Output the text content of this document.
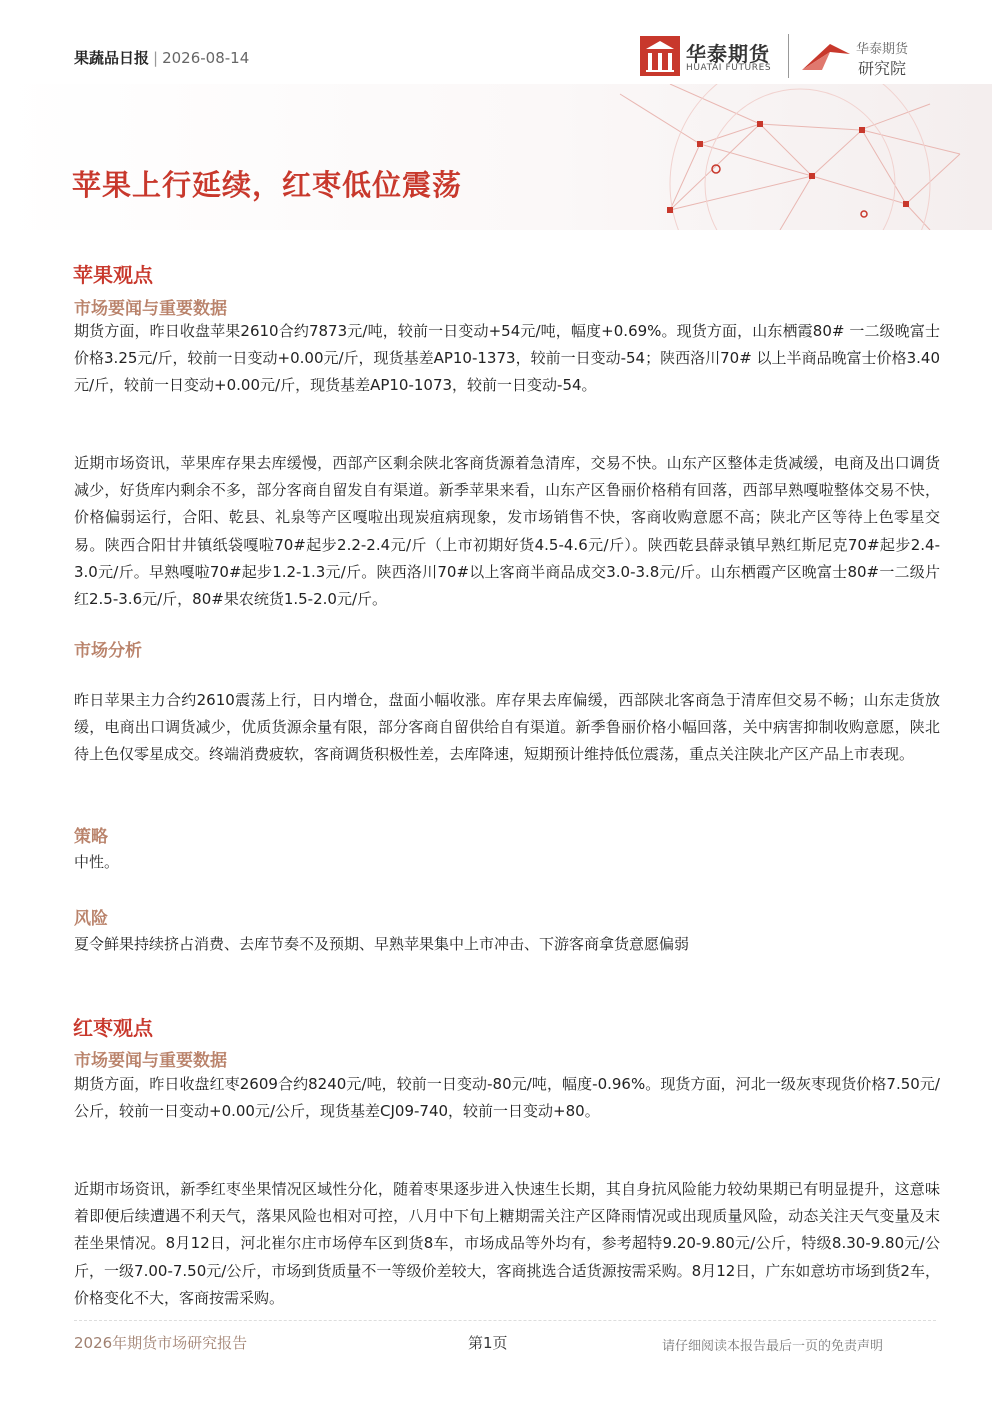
果蔬品日报 | 2026-08-14	华泰期货
HUATAI FUTURES
华泰期货
研究院
苹果上行延续，红枣低位震荡
苹果观点
市场要闻与重要数据
期货方面，昨日收盘苹果2610合约7873元/吨，较前一日变动+54元/吨，幅度+0.69%。现货方面，山东栖霞80# 一二级晚富士价格3.25元/斤，较前一日变动+0.00元/斤，现货基差AP10-1373，较前一日变动-54；陕西洛川70# 以上半商品晚富士价格3.40元/斤，较前一日变动+0.00元/斤，现货基差AP10-1073，较前一日变动-54。
近期市场资讯，苹果库存果去库缓慢，西部产区剩余陕北客商货源着急清库，交易不快。山东产区整体走货减缓，电商及出口调货减少，好货库内剩余不多，部分客商自留发自有渠道。新季苹果来看，山东产区鲁丽价格稍有回落，西部早熟嘎啦整体交易不快，价格偏弱运行，合阳、乾县、礼泉等产区嘎啦出现炭疽病现象，发市场销售不快，客商收购意愿不高；陕北产区等待上色零星交易。陕西合阳甘井镇纸袋嘎啦70#起步2.2-2.4元/斤（上市初期好货4.5-4.6元/斤）。陕西乾县薛录镇早熟红斯尼克70#起步2.4-3.0元/斤。早熟嘎啦70#起步1.2-1.3元/斤。陕西洛川70#以上客商半商品成交3.0-3.8元/斤。山东栖霞产区晚富士80#一二级片红2.5-3.6元/斤，80#果农统货1.5-2.0元/斤。
市场分析
昨日苹果主力合约2610震荡上行，日内增仓，盘面小幅收涨。库存果去库偏缓，西部陕北客商急于清库但交易不畅；山东走货放缓，电商出口调货减少，优质货源余量有限，部分客商自留供给自有渠道。新季鲁丽价格小幅回落，关中病害抑制收购意愿，陕北待上色仅零星成交。终端消费疲软，客商调货积极性差，去库降速，短期预计维持低位震荡，重点关注陕北产区产品上市表现。
策略
中性。
风险
夏令鲜果持续挤占消费、去库节奏不及预期、早熟苹果集中上市冲击、下游客商拿货意愿偏弱
红枣观点
市场要闻与重要数据
期货方面，昨日收盘红枣2609合约8240元/吨，较前一日变动-80元/吨，幅度-0.96%。现货方面，河北一级灰枣现货价格7.50元/公斤，较前一日变动+0.00元/公斤，现货基差CJ09-740，较前一日变动+80。
近期市场资讯，新季红枣坐果情况区域性分化，随着枣果逐步进入快速生长期，其自身抗风险能力较幼果期已有明显提升，这意味着即便后续遭遇不利天气，落果风险也相对可控，八月中下旬上糖期需关注产区降雨情况或出现质量风险，动态关注天气变量及末茬坐果情况。8月12日，河北崔尔庄市场停车区到货8车，市场成品等外均有，参考超特9.20-9.80元/公斤，特级8.30-9.80元/公斤，一级7.00-7.50元/公斤，市场到货质量不一等级价差较大，客商挑选合适货源按需采购。8月12日，广东如意坊市场到货2车，价格变化不大，客商按需采购。
2026年期货市场研究报告	第1页	请仔细阅读本报告最后一页的免责声明
